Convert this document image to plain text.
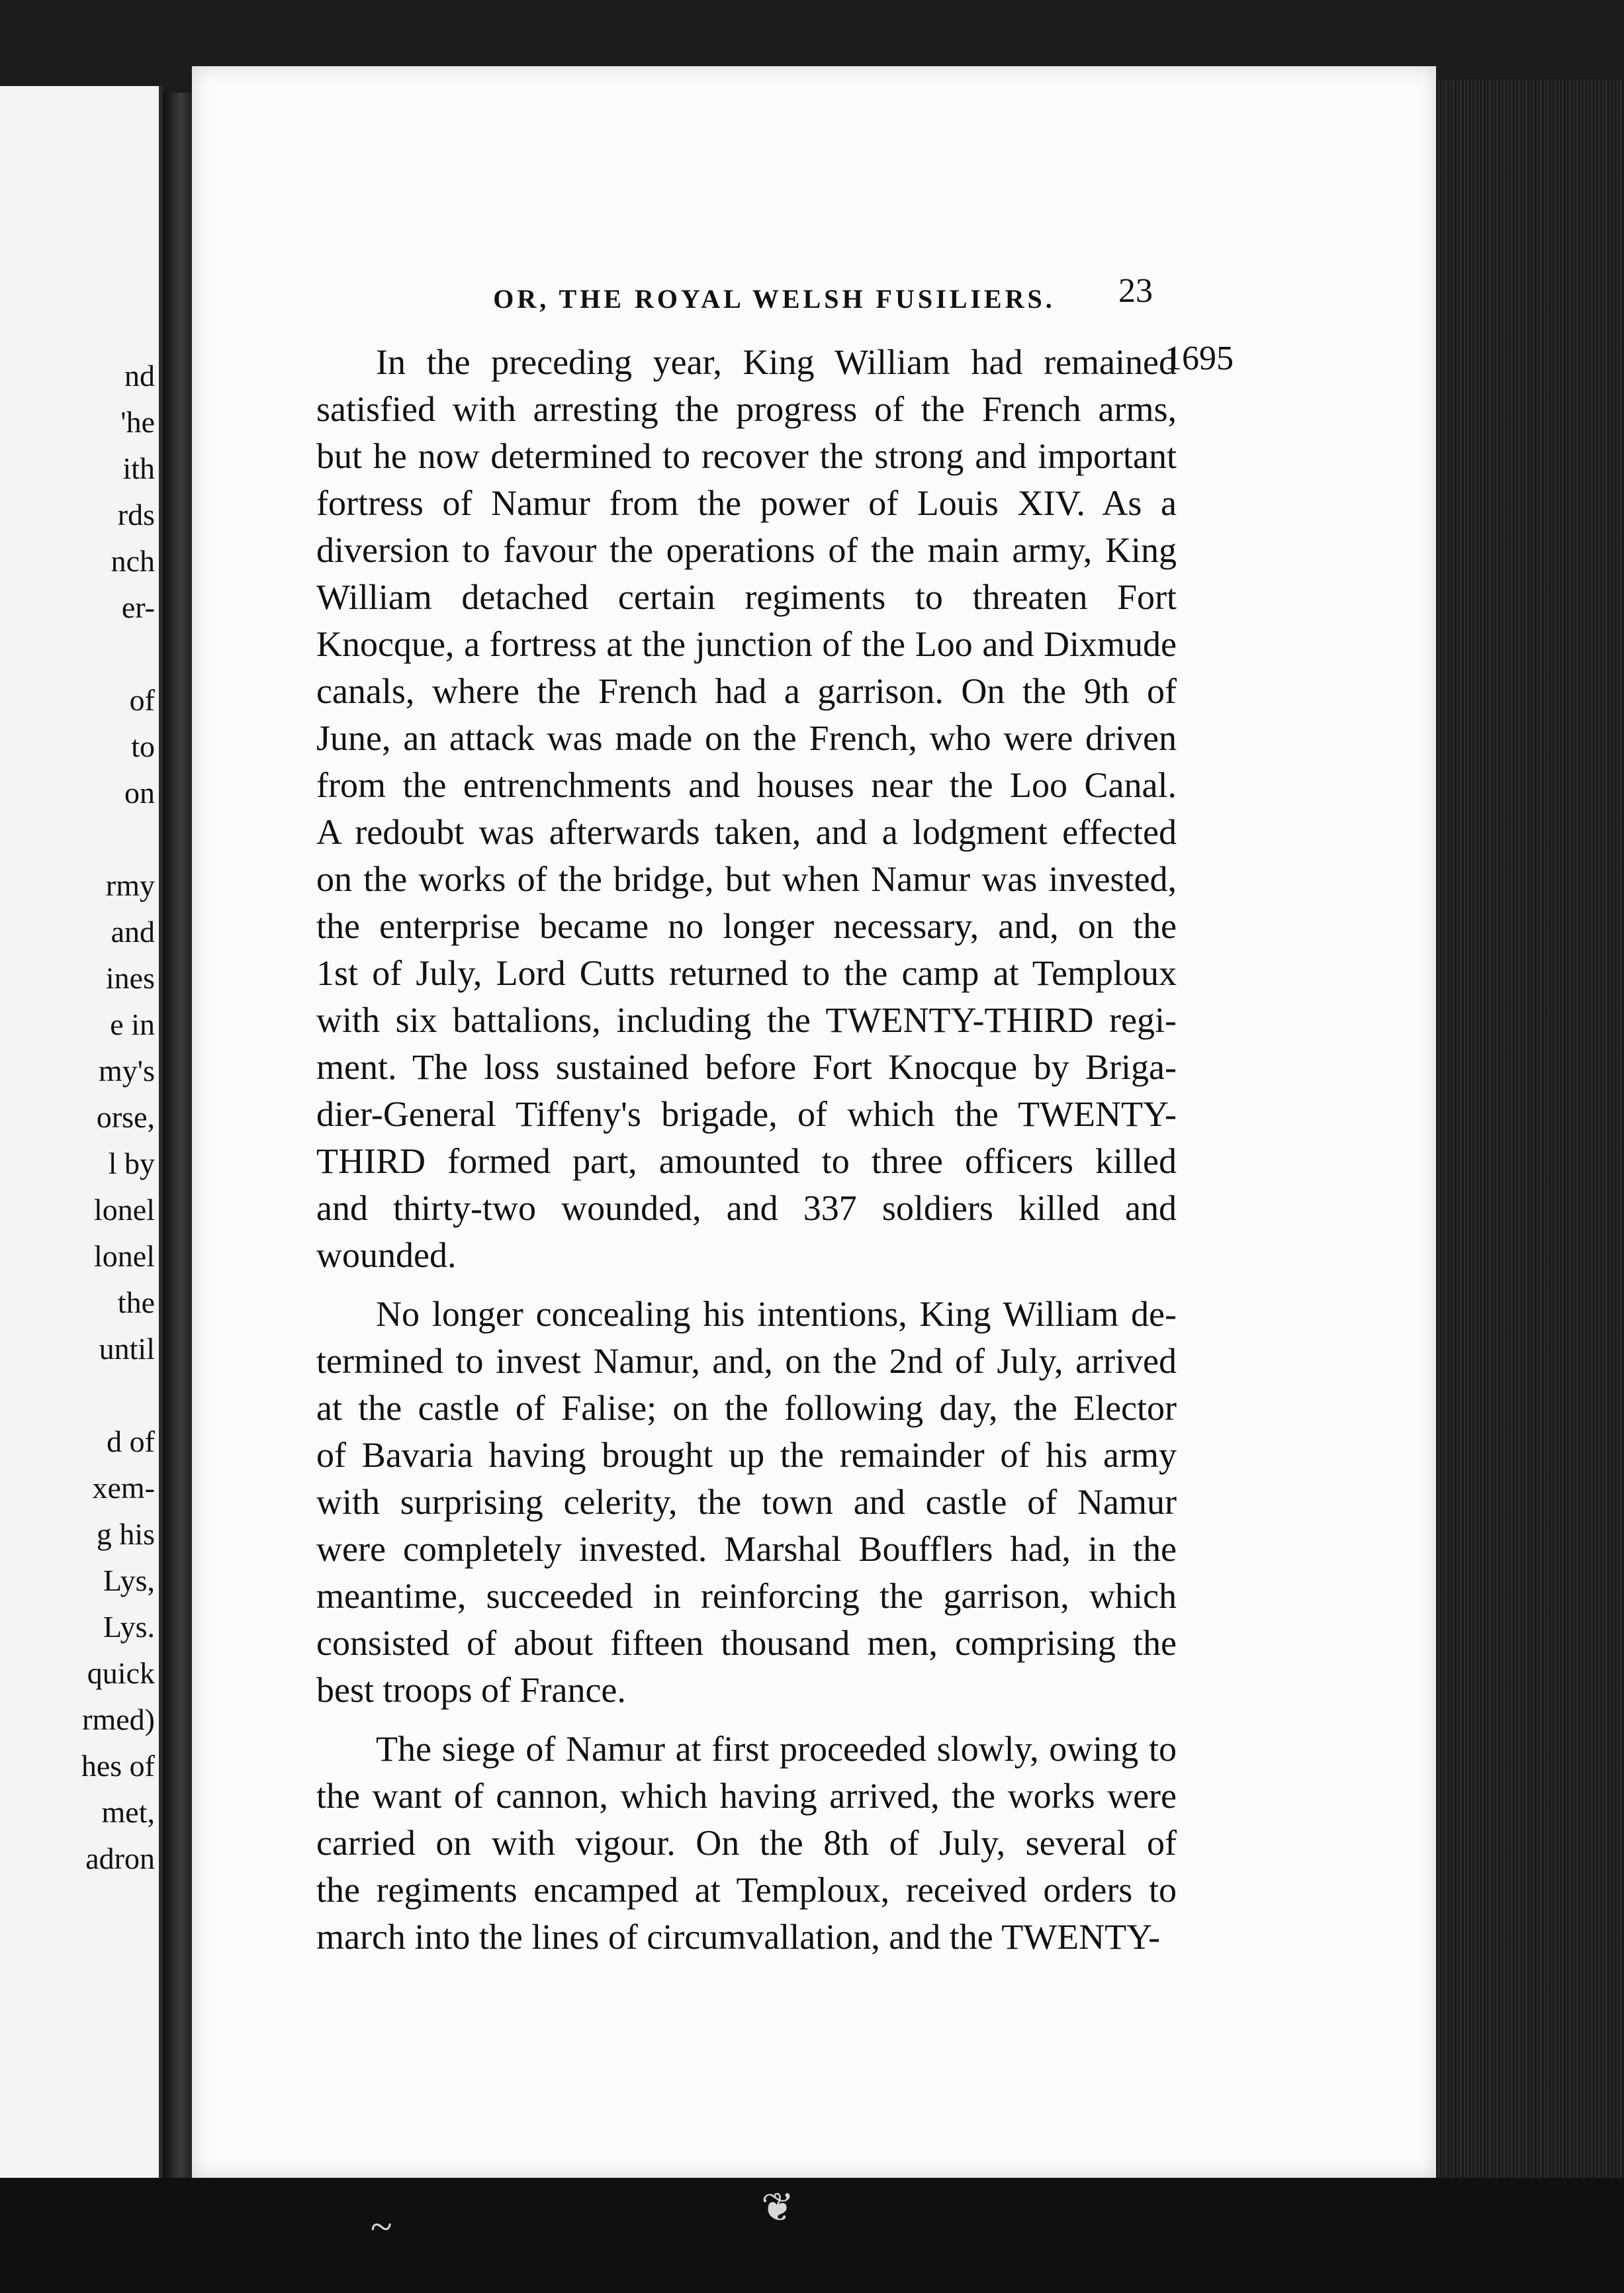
nd
'he
ith
rds
nch
er-
of
to
on
rmy
and
ines
e in
my's
orse,
l by
lonel
lonel
the
until
d of
xem-
g his
Lys,
Lys.
quick
rmed)
hes of
met,
adron
OR, THE ROYAL WELSH FUSILIERS.	23
1695
In the preceding year, King William had remained
satisfied with arresting the progress of the French arms,
but he now determined to recover the strong and important
fortress of Namur from the power of Louis XIV. As a
diversion to favour the operations of the main army, King
William detached certain regiments to threaten Fort
Knocque, a fortress at the junction of the Loo and Dixmude
canals, where the French had a garrison. On the 9th of
June, an attack was made on the French, who were driven
from the entrenchments and houses near the Loo Canal.
A redoubt was afterwards taken, and a lodgment effected
on the works of the bridge, but when Namur was invested,
the enterprise became no longer necessary, and, on the
1st of July, Lord Cutts returned to the camp at Temploux
with six battalions, including the TWENTY-THIRD regi-
ment. The loss sustained before Fort Knocque by Briga-
dier-General Tiffeny's brigade, of which the TWENTY-
THIRD formed part, amounted to three officers killed
and thirty-two wounded, and 337 soldiers killed and
wounded.
No longer concealing his intentions, King William de-
termined to invest Namur, and, on the 2nd of July, arrived
at the castle of Falise; on the following day, the Elector
of Bavaria having brought up the remainder of his army
with surprising celerity, the town and castle of Namur
were completely invested. Marshal Boufflers had, in the
meantime, succeeded in reinforcing the garrison, which
consisted of about fifteen thousand men, comprising the
best troops of France.
The siege of Namur at first proceeded slowly, owing to
the want of cannon, which having arrived, the works were
carried on with vigour. On the 8th of July, several of
the regiments encamped at Temploux, received orders to
march into the lines of circumvallation, and the TWENTY-
❦
~
